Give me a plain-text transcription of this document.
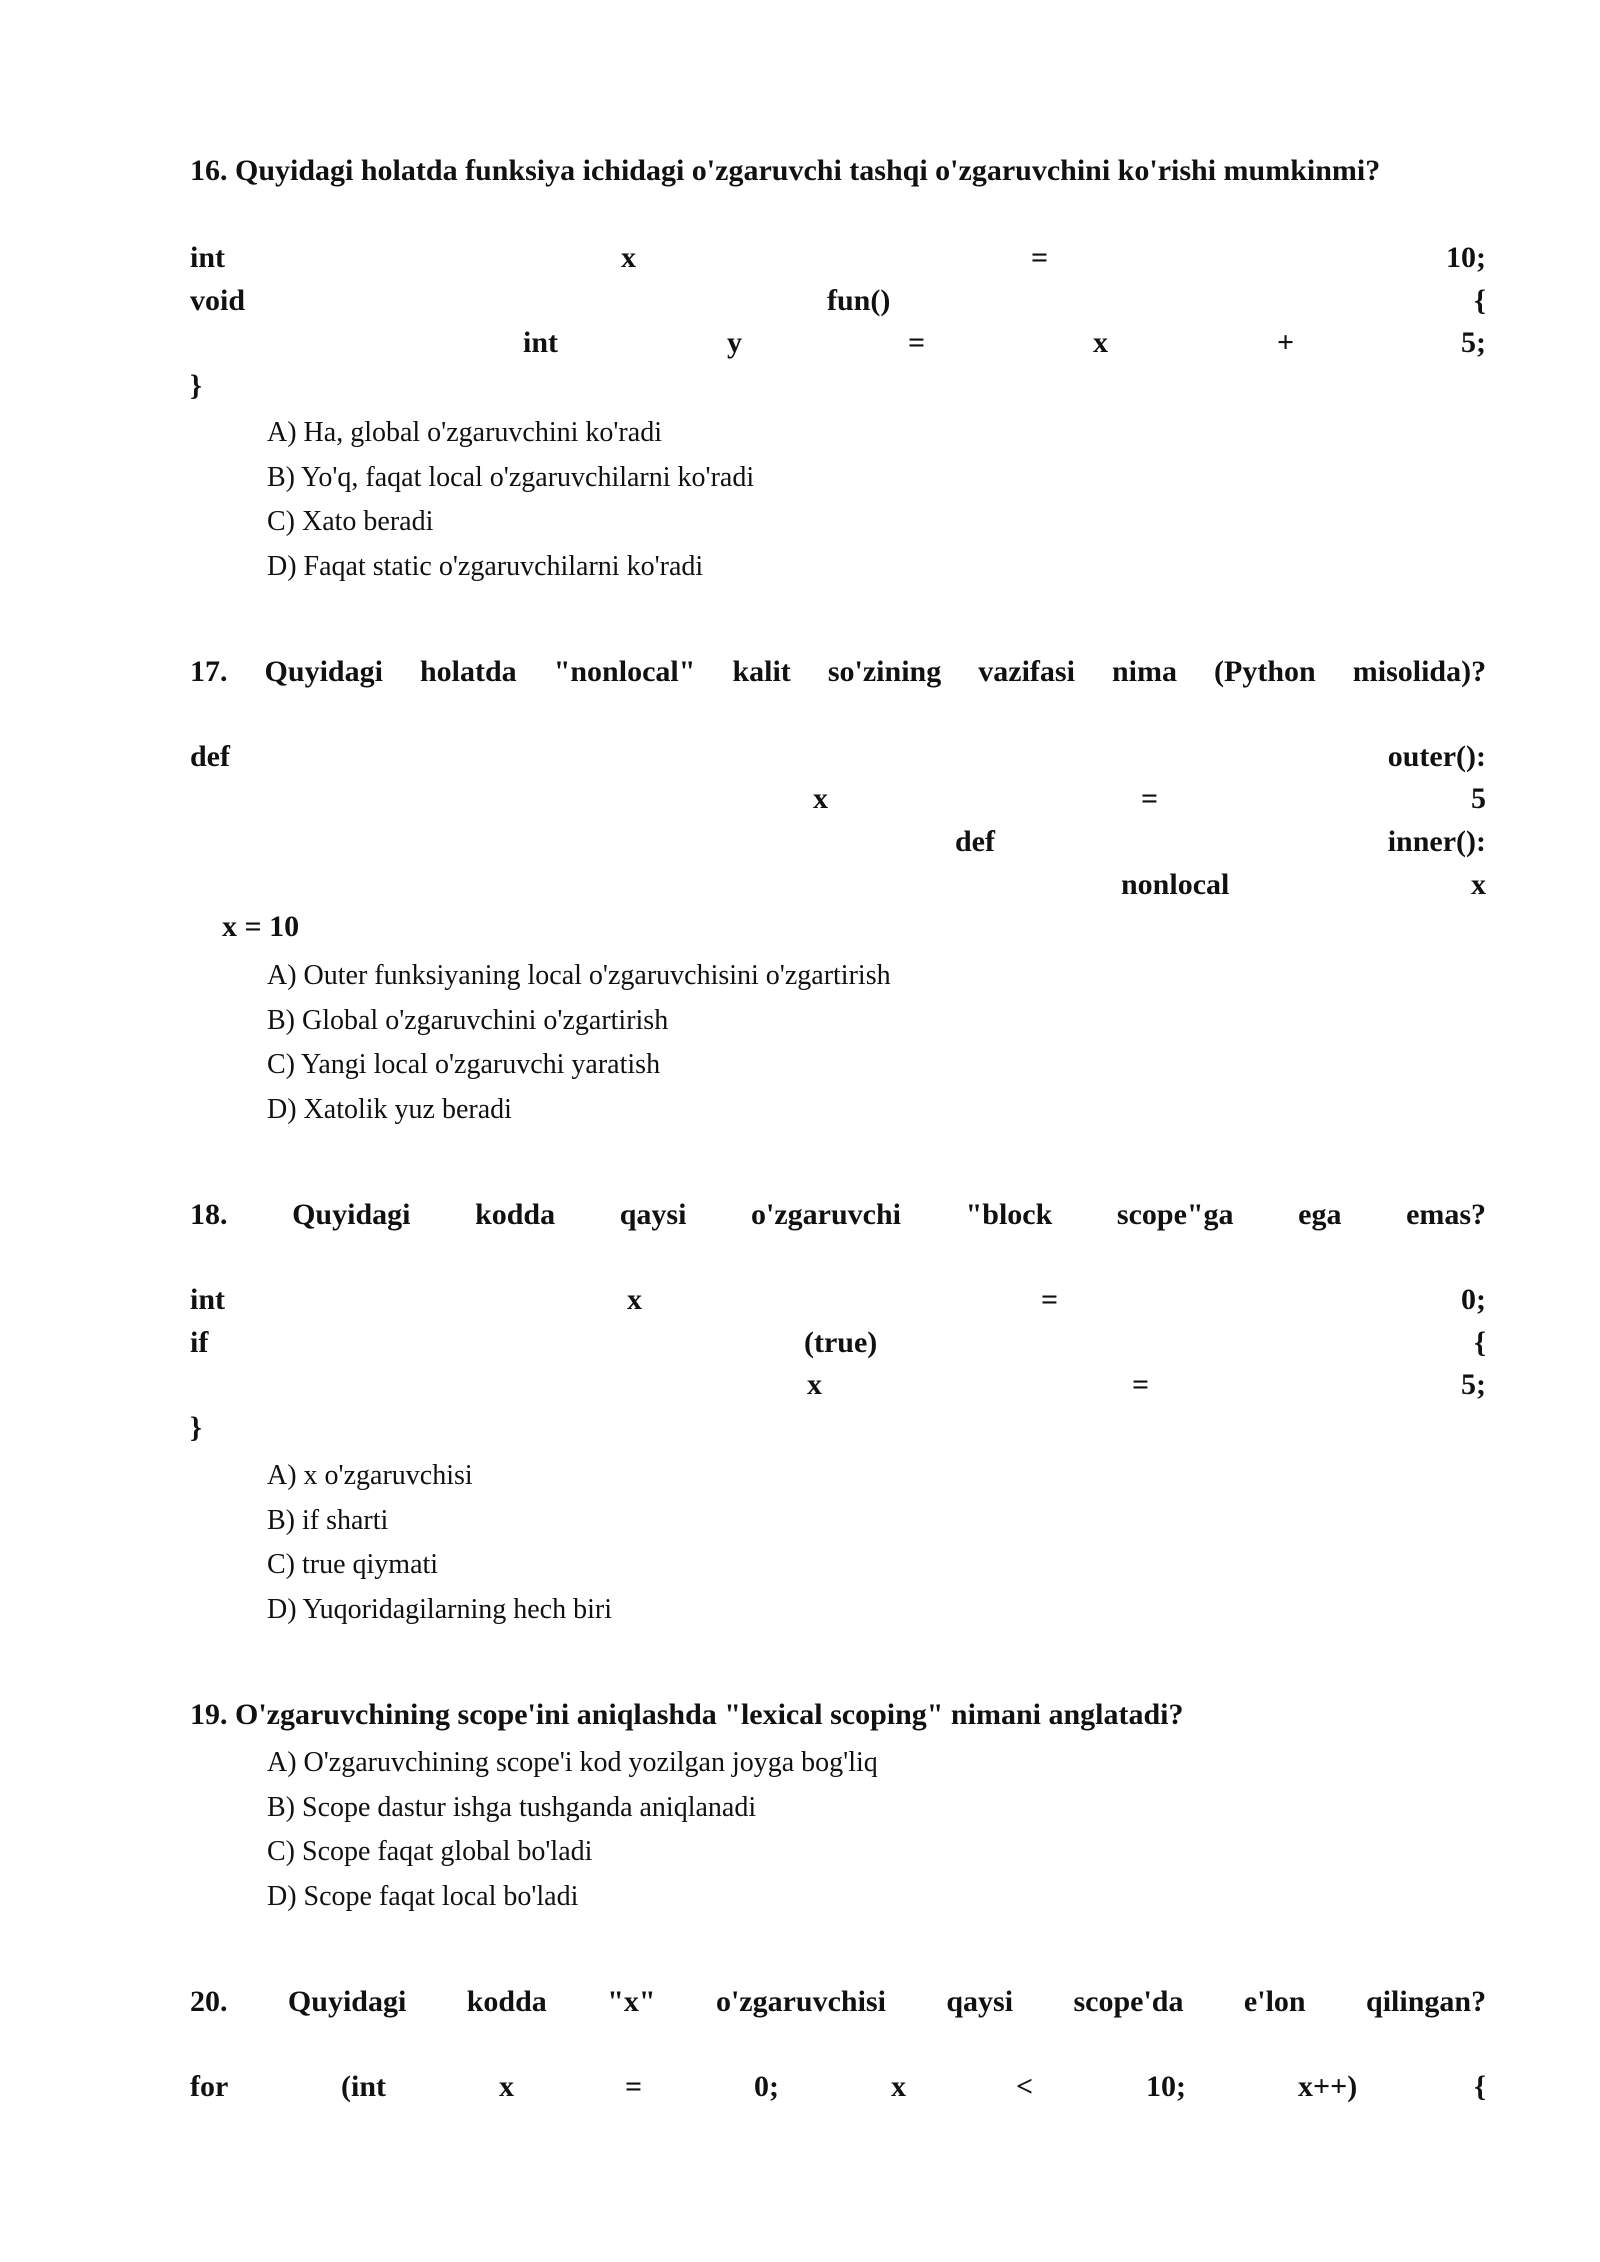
16. Quyidagi holatda funksiya ichidagi o'zgaruvchi tashqi o'zgaruvchini ko'rishi mumkinmi?
int	x	=	10;
void	fun()	{
int	y	=	x	+	5;
}
A) Ha, global o'zgaruvchini ko'radi
B) Yo'q, faqat local o'zgaruvchilarni ko'radi
C) Xato beradi
D) Faqat static o'zgaruvchilarni ko'radi
17. Quyidagi holatda "nonlocal" kalit so'zining vazifasi nima (Python misolida)?
def	outer():
x	=	5
def	inner():
nonlocal	x
x = 10
A) Outer funksiyaning local o'zgaruvchisini o'zgartirish
B) Global o'zgaruvchini o'zgartirish
C) Yangi local o'zgaruvchi yaratish
D) Xatolik yuz beradi
18. Quyidagi kodda qaysi o'zgaruvchi "block scope"ga ega emas?
int	x	=	0;
if	(true)	{
x	=	5;
}
A) x o'zgaruvchisi
B) if sharti
C) true qiymati
D) Yuqoridagilarning hech biri
19. O'zgaruvchining scope'ini aniqlashda "lexical scoping" nimani anglatadi?
A) O'zgaruvchining scope'i kod yozilgan joyga bog'liq
B) Scope dastur ishga tushganda aniqlanadi
C) Scope faqat global bo'ladi
D) Scope faqat local bo'ladi
20. Quyidagi kodda "x" o'zgaruvchisi qaysi scope'da e'lon qilingan?
for	(int	x	=	0;	x	<	10;	x++)	{
